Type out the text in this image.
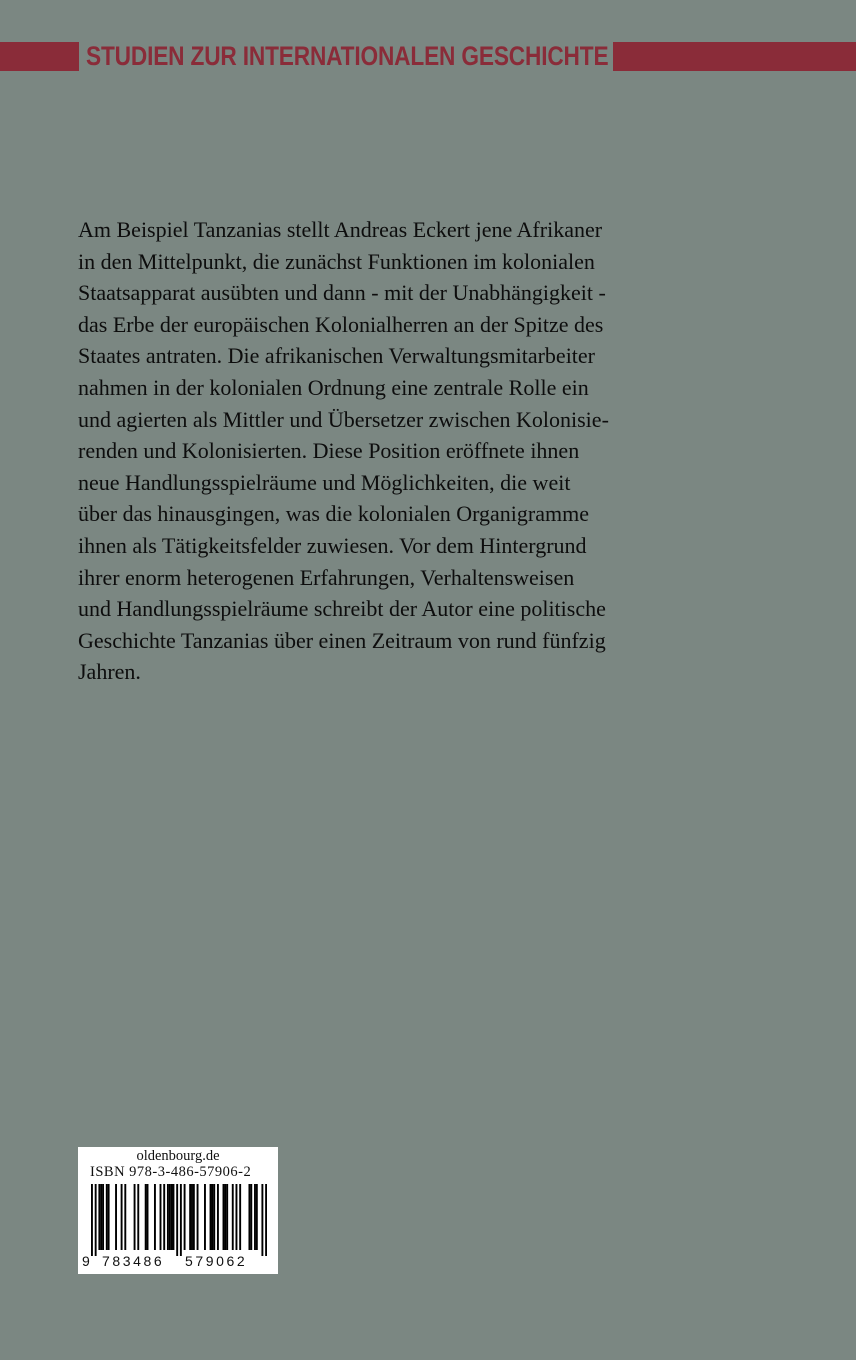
STUDIEN ZUR INTERNATIONALEN GESCHICHTE

Am Beispiel Tanzanias stellt Andreas Eckert jene Afrikaner
in den Mittelpunkt, die zunächst Funktionen im kolonialen
Staatsapparat ausübten und dann - mit der Unabhängigkeit -
das Erbe der europäischen Kolonialherren an der Spitze des
Staates antraten. Die afrikanischen Verwaltungsmitarbeiter
nahmen in der kolonialen Ordnung eine zentrale Rolle ein
und agierten als Mittler und Übersetzer zwischen Kolonisie-
renden und Kolonisierten. Diese Position eröffnete ihnen
neue Handlungsspielräume und Möglichkeiten, die weit
über das hinausgingen, was die kolonialen Organigramme
ihnen als Tätigkeitsfelder zuwiesen. Vor dem Hintergrund
ihrer enorm heterogenen Erfahrungen, Verhaltensweisen
und Handlungsspielräume schreibt der Autor eine politische
Geschichte Tanzanias über einen Zeitraum von rund fünfzig
Jahren.

oldenbourg.de
ISBN 978-3-486-57906-2
9 783486 579062
